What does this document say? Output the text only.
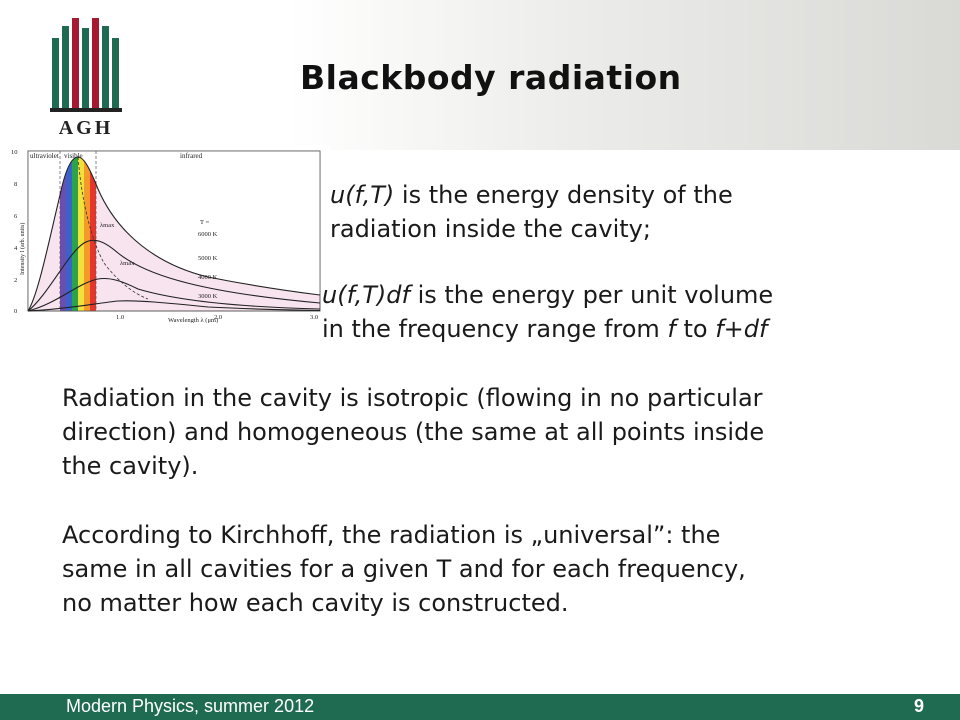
AGH
Blackbody radiation
10
8
6
4
2
0
1.0	2.0	3.0
Wavelength λ (μm)
Intensity I (arb. units)
ultraviolet visible	infrared
T =
6000 K
5000 K
4000 K
3000 K
λmax
λmax
u(f,T) is the energy density of the
radiation inside the cavity;
u(f,T)df is the energy per unit volume
in the frequency range from f to f+df
Radiation in the cavity is isotropic (flowing in no particular
direction) and homogeneous (the same at all points inside
the cavity).
According to Kirchhoff, the radiation is „universal”: the
same in all cavities for a given T and for each frequency,
no matter how each cavity is constructed.
Modern Physics, summer 2012	9
